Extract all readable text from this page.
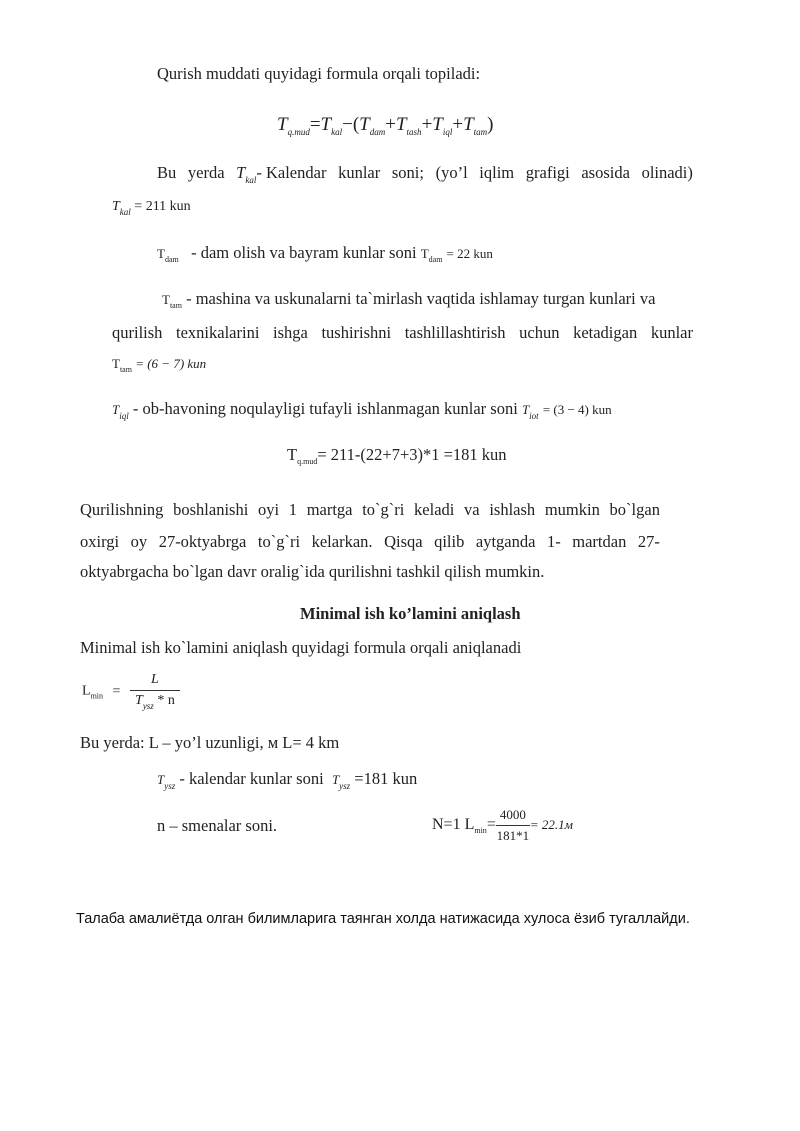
Qurish muddati quyidagi formula orqali topiladi:
$T_{q.mud}=T_{kal}-(T_{dam}+T_{tash}+T_{iql}+T_{tam})$
Bu yerda $T_{kal}-$ Kalendar kunlar soni; (yo’l iqlim grafigi asosida olinadi)
$T_{kal} = 211$ kun
$T_{dam}$ - dam olish va bayram kunlar soni $T_{dam} = 22$ kun
$T_{tam}$ - mashina va uskunalarni ta`mirlash vaqtida ishlamay turgan kunlari va
qurilish texnikalarini ishga tushirishni tashlillashtirish uchun ketadigan kunlar
$T_{tam} = (6 - 7)$ kun
$T_{iql}$ - ob-havoning noqulayligi tufayli ishlanmagan kunlar soni $T_{iot} = (3 - 4)$ kun
$T_{q.mud}= 211-(22+7+3)*1 =181$ kun
Qurilishning boshlanishi oyi 1 martga to`g`ri keladi va ishlash mumkin bo`lgan
oxirgi oy 27-oktyabrga to`g`ri kelarkan. Qisqa qilib aytganda 1- martdan 27-
oktyabrgacha bo`lgan davr oralig`ida qurilishni tashkil qilish mumkin.
Minimal ish ko’lamini aniqlash
Minimal ish ko`lamini aniqlash quyidagi formula orqali aniqlanadi
$L_{min} = \frac{L}{T_{ysz} * n}$
Bu yerda: L – yo’l uzunligi, м L= 4 km
$T_{ysz}$ - kalendar kunlar soni $T_{ysz} =181$ kun
n – smenalar soni.	N=1 $L_{min}= \frac{4000}{181*1} = 22.1м$
Талаба амалиётда олган билимларига таянган холда натижасида хулоса ёзиб тугаллайди.
